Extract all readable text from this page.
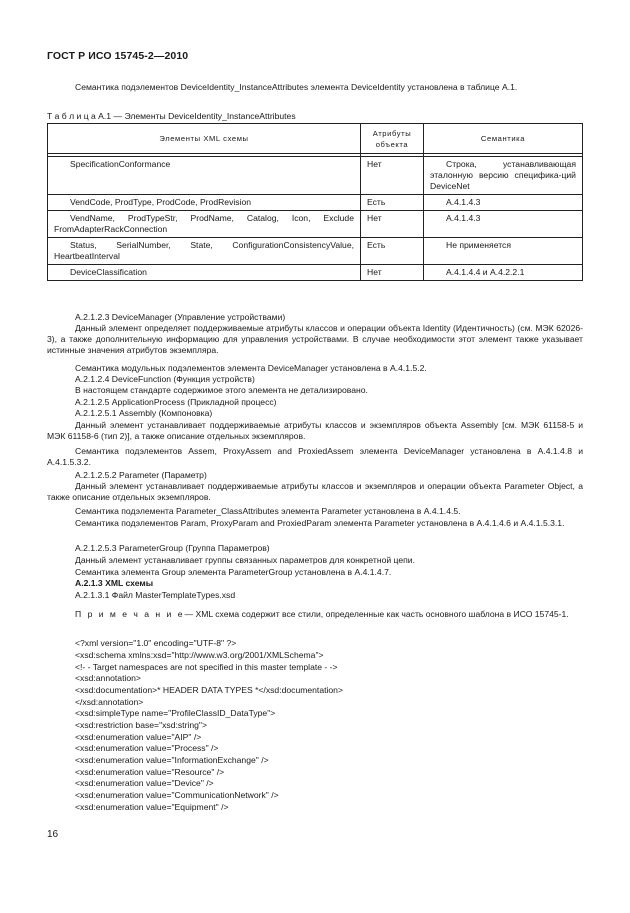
ГОСТ Р ИСО 15745-2—2010
Семантика подэлементов DeviceIdentity_InstanceAttributes элемента DeviceIdentity установлена в таблице А.1.
Т а б л и ц а А.1 — Элементы DeviceIdentity_InstanceAttributes
Элементы XML схемы	Атрибуты объекта	Семантика

SpecificationConformance	Нет	Строка, устанавливающая эталонную версию специфика-ций DeviceNet
VendCode, ProdType, ProdCode, ProdRevision	Есть	А.4.1.4.3
VendName, ProdTypeStr, ProdName, Catalog, Icon, Exclude FromAdapterRackConnection	Нет	А.4.1.4.3
Status, SerialNumber, State, ConfigurationConsistencyValue, HeartbeatInterval	Есть	Не применяется
DeviceClassification	Нет	А.4.1.4.4 и А.4.2.2.1
А.2.1.2.3 DeviceManager (Управление устройствами)
Данный элемент определяет поддерживаемые атрибуты классов и операции объекта Identity (Идентичность) (см. МЭК 62026-3), а также дополнительную информацию для управления устройствами. В случае необходимости этот элемент также указывает истинные значения атрибутов экземпляра.
Семантика модульных подэлементов элемента DeviceManager установлена в А.4.1.5.2.
А.2.1.2.4 DeviceFunction (Функция устройств)
В настоящем стандарте содержимое этого элемента не детализировано.
А.2.1.2.5 ApplicationProcess (Прикладной процесс)
А.2.1.2.5.1 Assembly (Компоновка)
Данный элемент устанавливает поддерживаемые атрибуты классов и экземпляров объекта Assembly [см. МЭК 61158-5 и МЭК 61158-6 (тип 2)], а также описание отдельных экземпляров.
Семантика подэлементов Assem, ProxyAssem and ProxiedAssem элемента DeviceManager установлена в А.4.1.4.8 и А.4.1.5.3.2.
А.2.1.2.5.2 Parameter (Параметр)
Данный элемент устанавливает поддерживаемые атрибуты классов и экземпляров и операции объекта Parameter Object, а также описание отдельных экземпляров.
Семантика подэлемента Parameter_ClassAttributes элемента Parameter установлена в А.4.1.4.5.
Семантика подэлементов Param, ProxyParam and ProxiedParam элемента Parameter установлена в А.4.1.4.6 и А.4.1.5.3.1.
А.2.1.2.5.3 ParameterGroup (Группа Параметров)
Данный элемент устанавливает группы связанных параметров для конкретной цепи.
Семантика элемента Group элемента ParameterGroup установлена в А.4.1.4.7.
А.2.1.3 XML схемы
А.2.1.3.1 Файл MasterTemplateTypes.xsd
П р и м е ч а н и е— XML схема содержит все стили, определенные как часть основного шаблона в ИСО 15745-1.
<?xml version="1.0" encoding="UTF-8" ?>
<xsd:schema xmlns:xsd="http://www.w3.org/2001/XMLSchema">
<!- - Target namespaces are not specified in this master template - ->
<xsd:annotation>
<xsd:documentation>* HEADER DATA TYPES *</xsd:documentation>
</xsd:annotation>
<xsd:simpleType name="ProfileClassID_DataType">
<xsd:restriction base="xsd:string">
<xsd:enumeration value="AIP" />
<xsd:enumeration value="Process" />
<xsd:enumeration value="InformationExchange" />
<xsd:enumeration value="Resource" />
<xsd:enumeration value="Device" />
<xsd:enumeration value="CommunicationNetwork" />
<xsd:enumeration value="Equipment" />
16
